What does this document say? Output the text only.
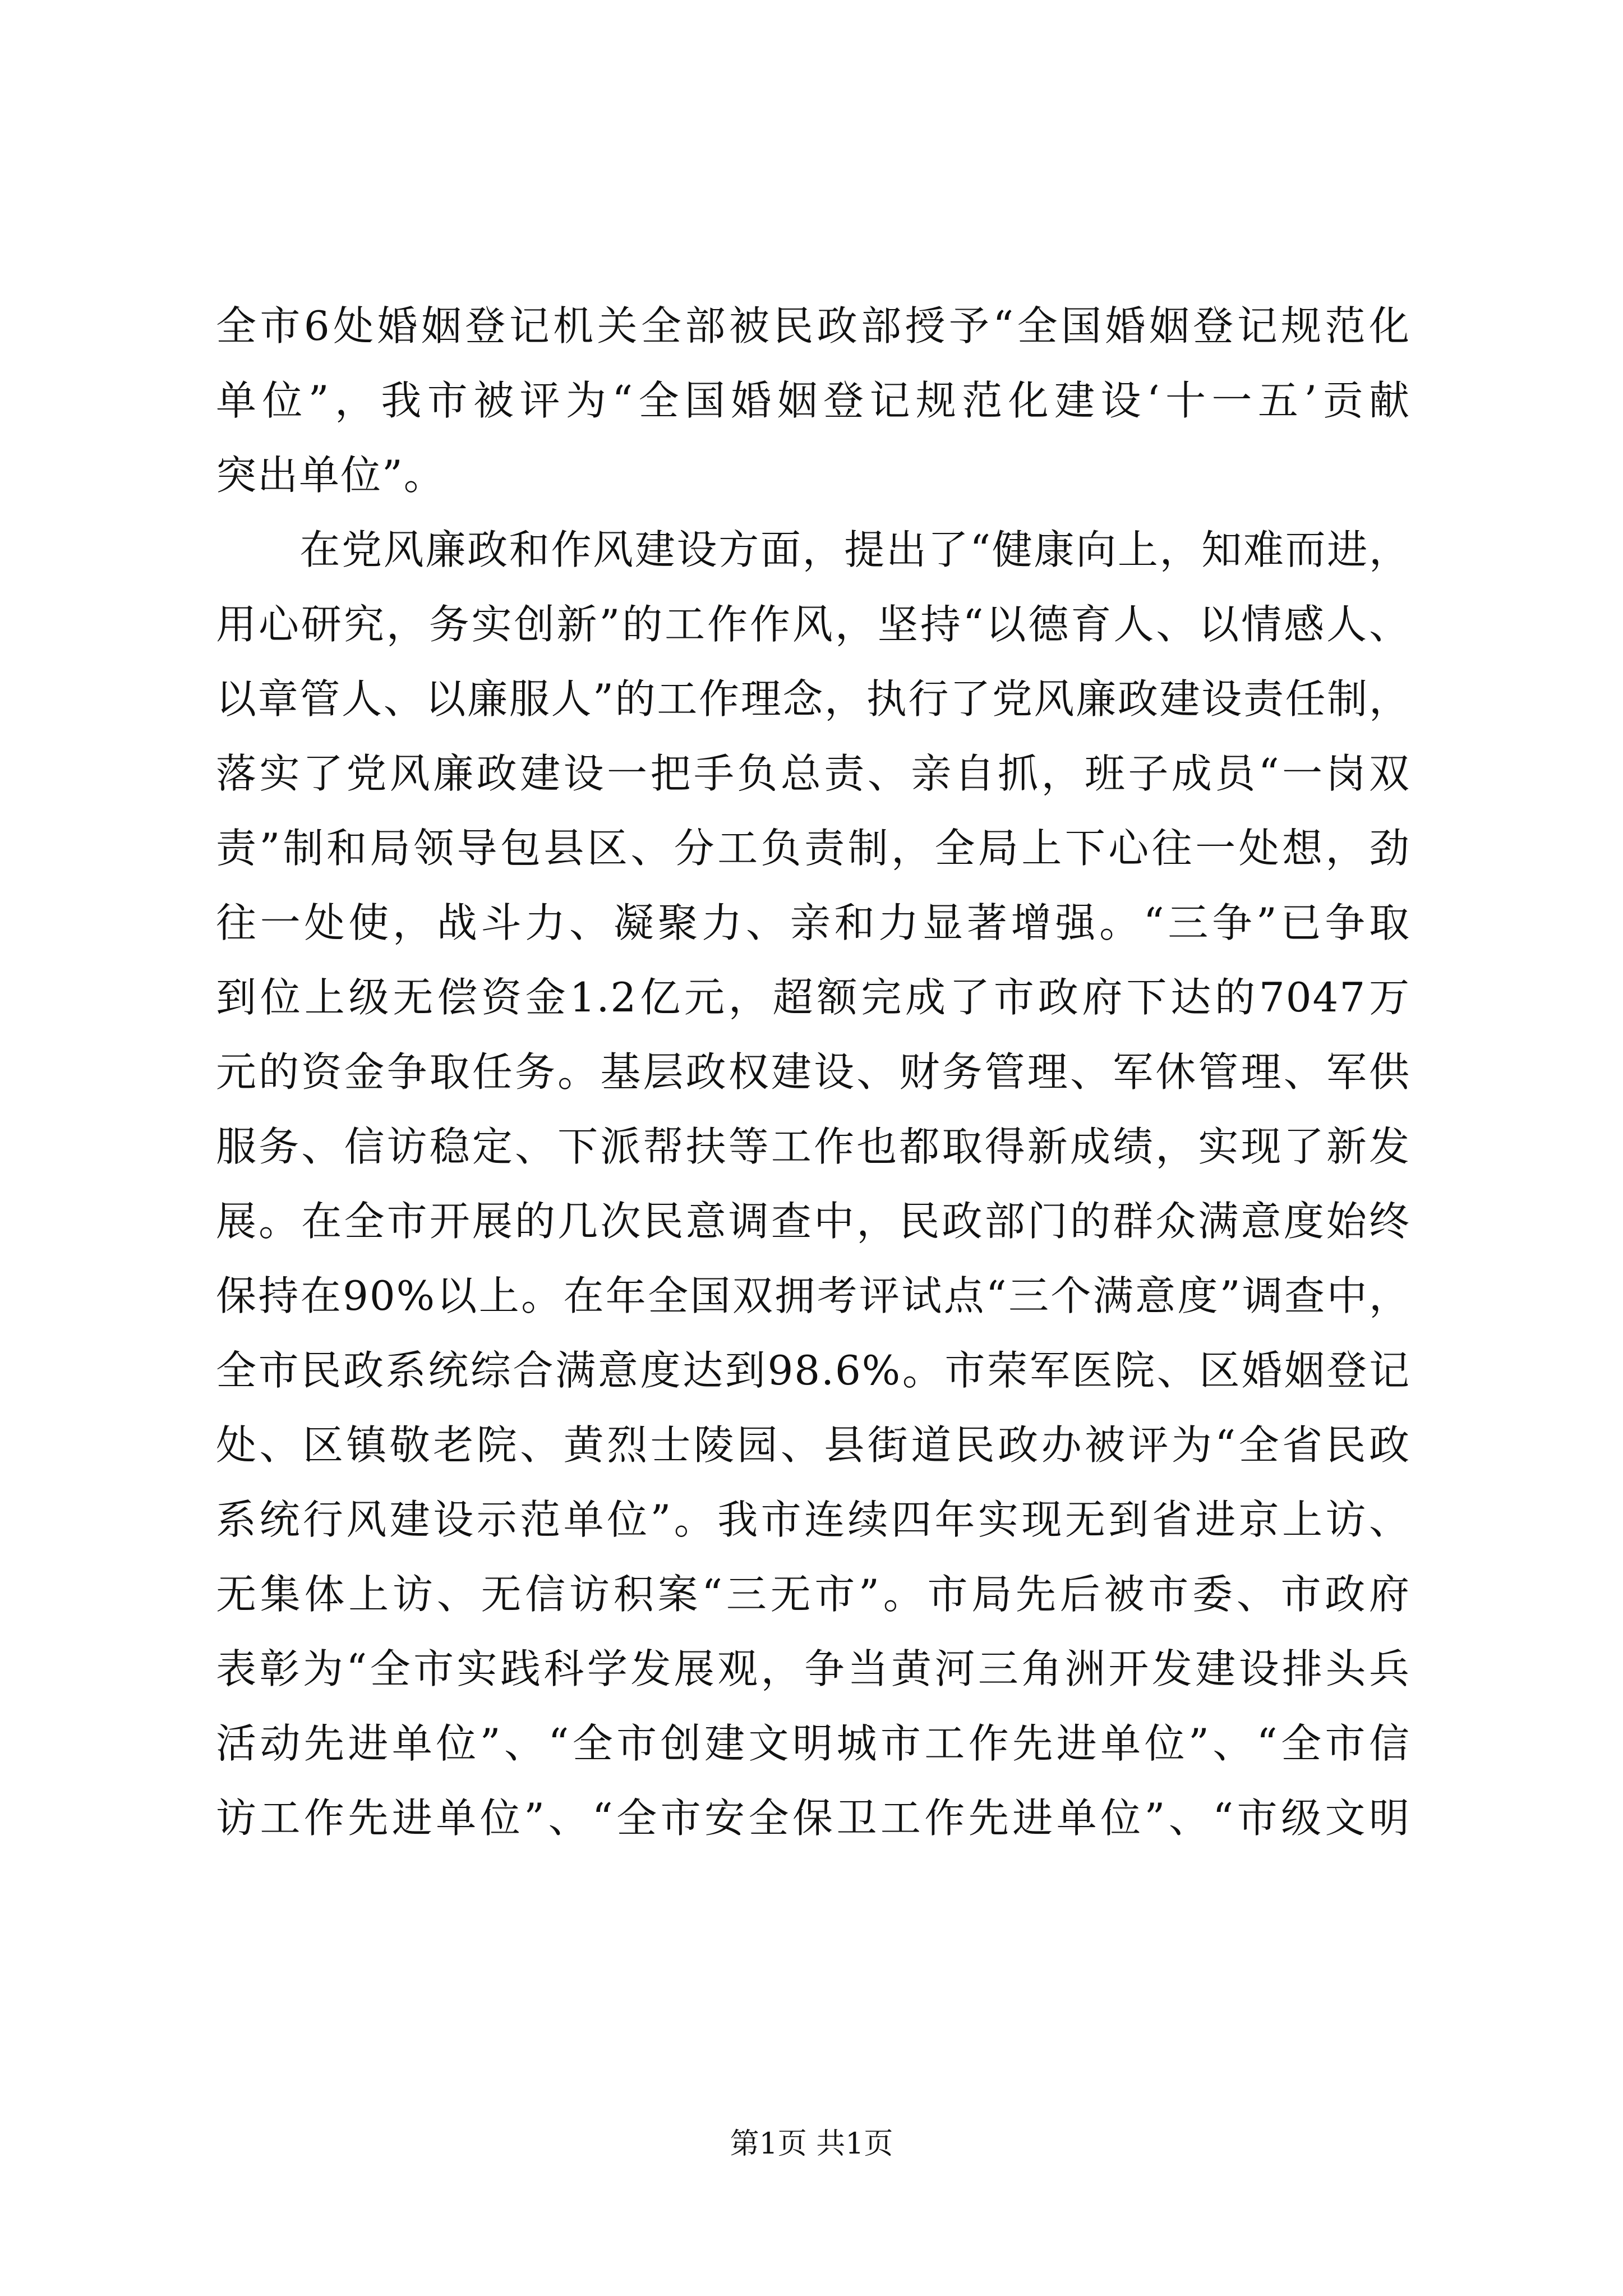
全市6处婚姻登记机关全部被民政部授予“全国婚姻登记规范化
单位”，我市被评为“全国婚姻登记规范化建设‘十一五’贡献
突出单位”。
　　在党风廉政和作风建设方面，提出了“健康向上，知难而进，
用心研究，务实创新”的工作作风，坚持“以德育人、以情感人、
以章管人、以廉服人”的工作理念，执行了党风廉政建设责任制，
落实了党风廉政建设一把手负总责、亲自抓，班子成员“一岗双
责”制和局领导包县区、分工负责制，全局上下心往一处想，劲
往一处使，战斗力、凝聚力、亲和力显著增强。“三争”已争取
到位上级无偿资金1.2亿元，超额完成了市政府下达的7047万
元的资金争取任务。基层政权建设、财务管理、军休管理、军供
服务、信访稳定、下派帮扶等工作也都取得新成绩，实现了新发
展。在全市开展的几次民意调查中，民政部门的群众满意度始终
保持在90%以上。在年全国双拥考评试点“三个满意度”调查中，
全市民政系统综合满意度达到98.6%。市荣军医院、区婚姻登记
处、区镇敬老院、黄烈士陵园、县街道民政办被评为“全省民政
系统行风建设示范单位”。我市连续四年实现无到省进京上访、
无集体上访、无信访积案“三无市”。市局先后被市委、市政府
表彰为“全市实践科学发展观，争当黄河三角洲开发建设排头兵
活动先进单位”、“全市创建文明城市工作先进单位”、“全市信
访工作先进单位”、“全市安全保卫工作先进单位”、“市级文明
第1页 共1页
